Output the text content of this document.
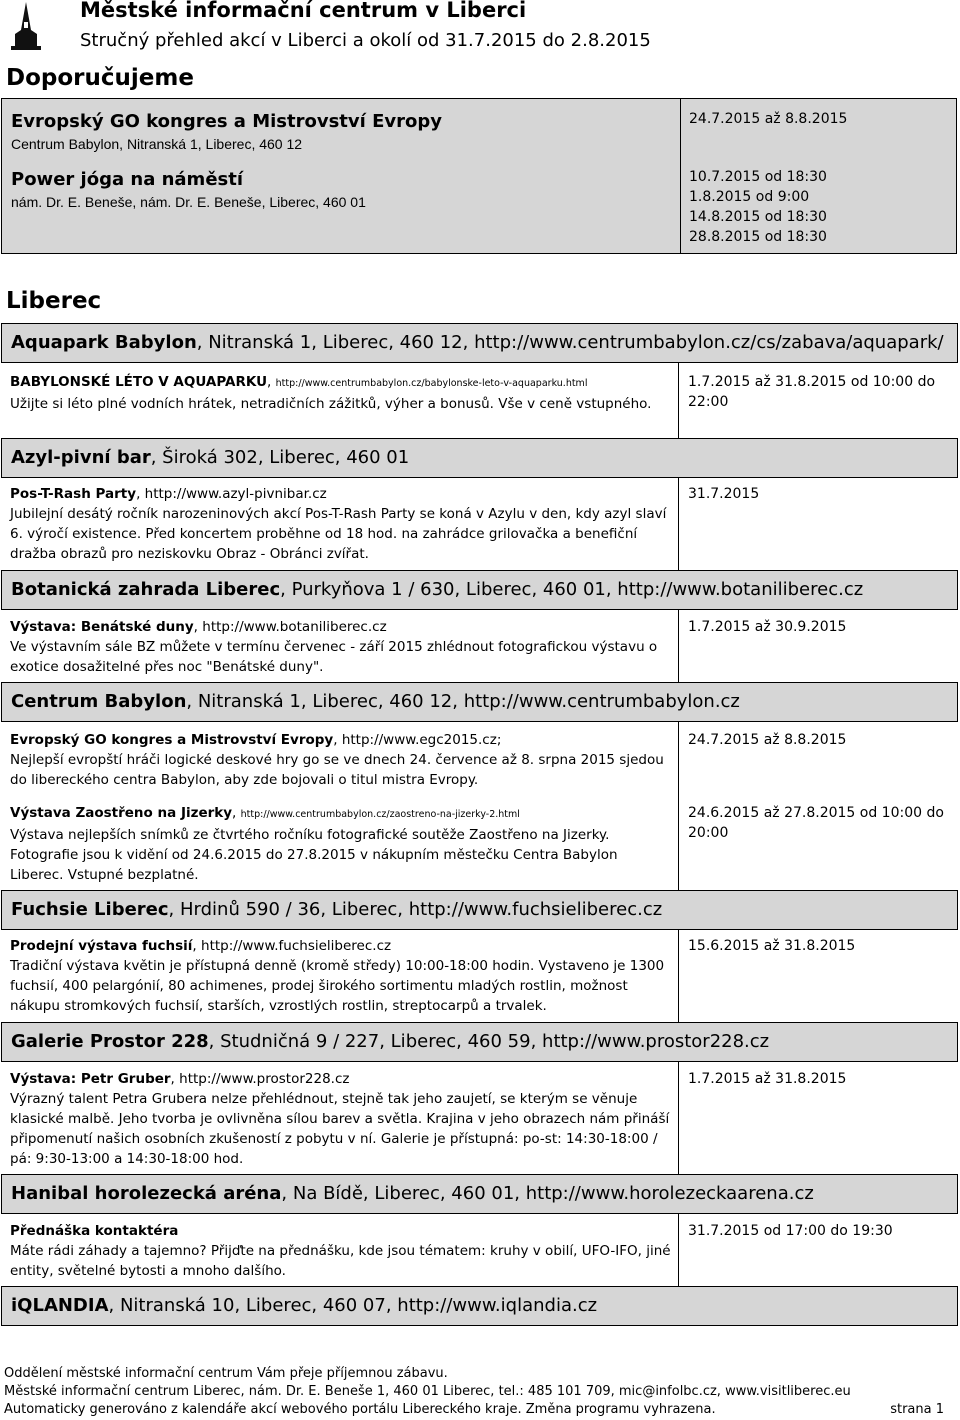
Městské informační centrum v Liberci
Stručný přehled akcí v Liberci a okolí od 31.7.2015 do 2.8.2015
Doporučujeme
Evropský GO kongres a Mistrovství Evropy
Centrum Babylon, Nitranská 1, Liberec, 460 12
24.7.2015 až 8.8.2015
Power jóga na náměstí
nám. Dr. E. Beneše, nám. Dr. E. Beneše, Liberec, 460 01
10.7.2015 od 18:30
1.8.2015 od 9:00
14.8.2015 od 18:30
28.8.2015 od 18:30
Liberec
Aquapark Babylon, Nitranská 1, Liberec, 460 12, http://www.centrumbabylon.cz/cs/zabava/aquapark/
BABYLONSKÉ LÉTO V AQUAPARKU, http://www.centrumbabylon.cz/babylonske-leto-v-aquaparku.html
Užijte si léto plné vodních hrátek, netradičních zážitků, výher a bonusů. Vše v ceně vstupného.
1.7.2015 až 31.8.2015 od 10:00 do 22:00
Azyl-pivní bar, Široká 302, Liberec, 460 01
Pos-T-Rash Party, http://www.azyl-pivnibar.cz
Jubilejní desátý ročník narozeninových akcí Pos-T-Rash Party se koná v Azylu v den, kdy azyl slaví 6. výročí existence. Před koncertem proběhne od 18 hod. na zahrádce grilovačka a benefiční dražba obrazů pro neziskovku Obraz - Obránci zvířat.
31.7.2015
Botanická zahrada Liberec, Purkyňova 1 / 630, Liberec, 460 01, http://www.botaniliberec.cz
Výstava: Benátské duny, http://www.botaniliberec.cz
Ve výstavním sále BZ můžete v termínu červenec - září 2015 zhlédnout fotografickou výstavu o exotice dosažitelné přes noc "Benátské duny".
1.7.2015 až 30.9.2015
Centrum Babylon, Nitranská 1, Liberec, 460 12, http://www.centrumbabylon.cz
Evropský GO kongres a Mistrovství Evropy, http://www.egc2015.cz;
Nejlepší evropští hráči logické deskové hry go se ve dnech 24. července až 8. srpna 2015 sjedou do libereckého centra Babylon, aby zde bojovali o titul mistra Evropy.
24.7.2015 až 8.8.2015
Výstava Zaostřeno na Jizerky, http://www.centrumbabylon.cz/zaostreno-na-jizerky-2.html
Výstava nejlepších snímků ze čtvrtého ročníku fotografické soutěže Zaostřeno na Jizerky. Fotografie jsou k vidění od 24.6.2015 do 27.8.2015 v nákupním městečku Centra Babylon Liberec. Vstupné bezplatné.
24.6.2015 až 27.8.2015 od 10:00 do 20:00
Fuchsie Liberec, Hrdinů 590 / 36, Liberec, http://www.fuchsieliberec.cz
Prodejní výstava fuchsií, http://www.fuchsieliberec.cz
Tradiční výstava květin je přístupná denně (kromě středy) 10:00-18:00 hodin. Vystaveno je 1300 fuchsií, 400 pelargónií, 80 achimenes, prodej širokého sortimentu mladých rostlin, možnost nákupu stromkových fuchsií, starších, vzrostlých rostlin, streptocarpů a trvalek.
15.6.2015 až 31.8.2015
Galerie Prostor 228, Studničná 9 / 227, Liberec, 460 59, http://www.prostor228.cz
Výstava: Petr Gruber, http://www.prostor228.cz
Výrazný talent Petra Grubera nelze přehlédnout, stejně tak jeho zaujetí, se kterým se věnuje klasické malbě. Jeho tvorba je ovlivněna sílou barev a světla. Krajina v jeho obrazech nám přináší připomenutí našich osobních zkušeností z pobytu v ní. Galerie je přístupná: po-st: 14:30-18:00 / pá: 9:30-13:00 a 14:30-18:00 hod.
1.7.2015 až 31.8.2015
Hanibal horolezecká aréna, Na Bídě, Liberec, 460 01, http://www.horolezeckaarena.cz
Přednáška kontaktéra
Máte rádi záhady a tajemno? Přijďte na přednášku, kde jsou tématem: kruhy v obilí, UFO-IFO, jiné entity, světelné bytosti a mnoho dalšího.
31.7.2015 od 17:00 do 19:30
iQLANDIA, Nitranská 10, Liberec, 460 07, http://www.iqlandia.cz
Oddělení městské informační centrum Vám přeje příjemnou zábavu.
Městské informační centrum Liberec, nám. Dr. E. Beneše 1, 460 01 Liberec, tel.: 485 101 709, mic@infolbc.cz, www.visitliberec.eu
Automaticky generováno z kalendáře akcí webového portálu Libereckého kraje. Změna programu vyhrazena.	strana 1
